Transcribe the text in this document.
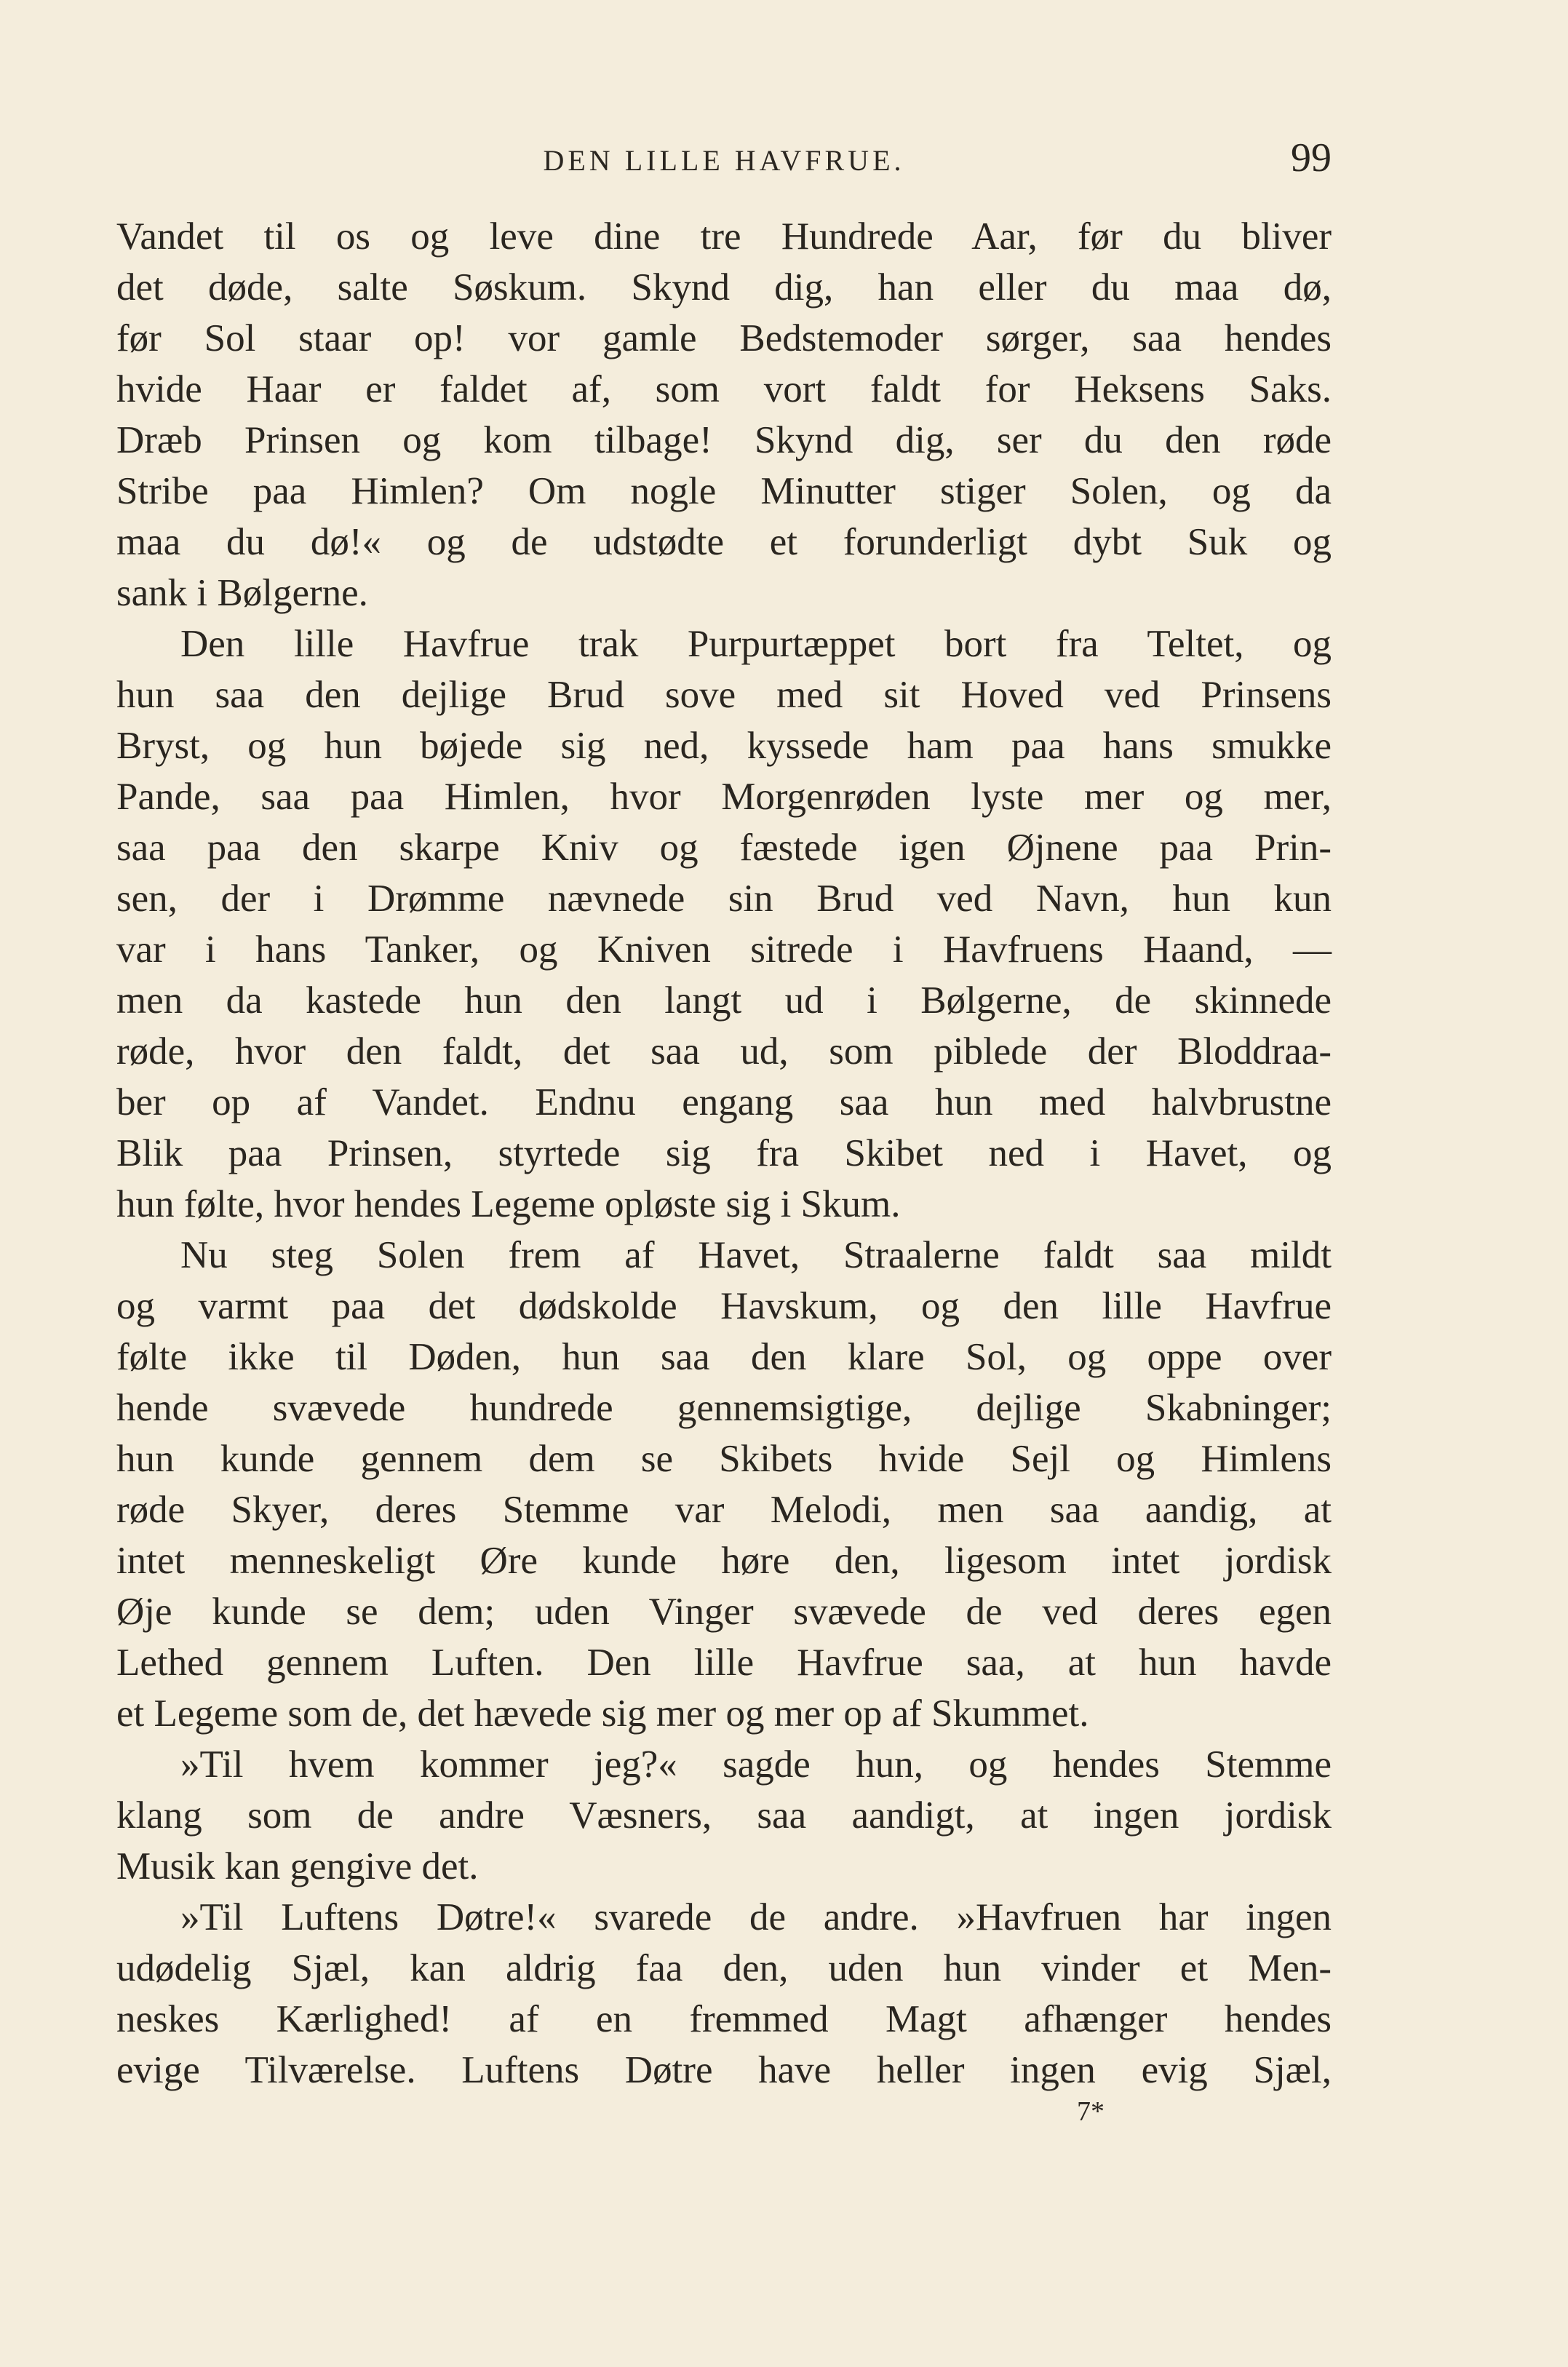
DEN LILLE HAVFRUE.	99
Vandet til os og leve dine tre Hundrede Aar, før du bliver
det døde, salte Søskum. Skynd dig, han eller du maa dø,
før Sol staar op! vor gamle Bedstemoder sørger, saa hendes
hvide Haar er faldet af, som vort faldt for Heksens Saks.
Dræb Prinsen og kom tilbage! Skynd dig, ser du den røde
Stribe paa Himlen? Om nogle Minutter stiger Solen, og da
maa du dø!« og de udstødte et forunderligt dybt Suk og
sank i Bølgerne.
Den lille Havfrue trak Purpurtæppet bort fra Teltet, og
hun saa den dejlige Brud sove med sit Hoved ved Prinsens
Bryst, og hun bøjede sig ned, kyssede ham paa hans smukke
Pande, saa paa Himlen, hvor Morgenrøden lyste mer og mer,
saa paa den skarpe Kniv og fæstede igen Øjnene paa Prin-
sen, der i Drømme nævnede sin Brud ved Navn, hun kun
var i hans Tanker, og Kniven sitrede i Havfruens Haand, —
men da kastede hun den langt ud i Bølgerne, de skinnede
røde, hvor den faldt, det saa ud, som piblede der Bloddraa-
ber op af Vandet. Endnu engang saa hun med halvbrustne
Blik paa Prinsen, styrtede sig fra Skibet ned i Havet, og
hun følte, hvor hendes Legeme opløste sig i Skum.
Nu steg Solen frem af Havet, Straalerne faldt saa mildt
og varmt paa det dødskolde Havskum, og den lille Havfrue
følte ikke til Døden, hun saa den klare Sol, og oppe over
hende svævede hundrede gennemsigtige, dejlige Skabninger;
hun kunde gennem dem se Skibets hvide Sejl og Himlens
røde Skyer, deres Stemme var Melodi, men saa aandig, at
intet menneskeligt Øre kunde høre den, ligesom intet jordisk
Øje kunde se dem; uden Vinger svævede de ved deres egen
Lethed gennem Luften. Den lille Havfrue saa, at hun havde
et Legeme som de, det hævede sig mer og mer op af Skummet.
»Til hvem kommer jeg?« sagde hun, og hendes Stemme
klang som de andre Væsners, saa aandigt, at ingen jordisk
Musik kan gengive det.
»Til Luftens Døtre!« svarede de andre. »Havfruen har ingen
udødelig Sjæl, kan aldrig faa den, uden hun vinder et Men-
neskes Kærlighed! af en fremmed Magt afhænger hendes
evige Tilværelse. Luftens Døtre have heller ingen evig Sjæl,
7*
